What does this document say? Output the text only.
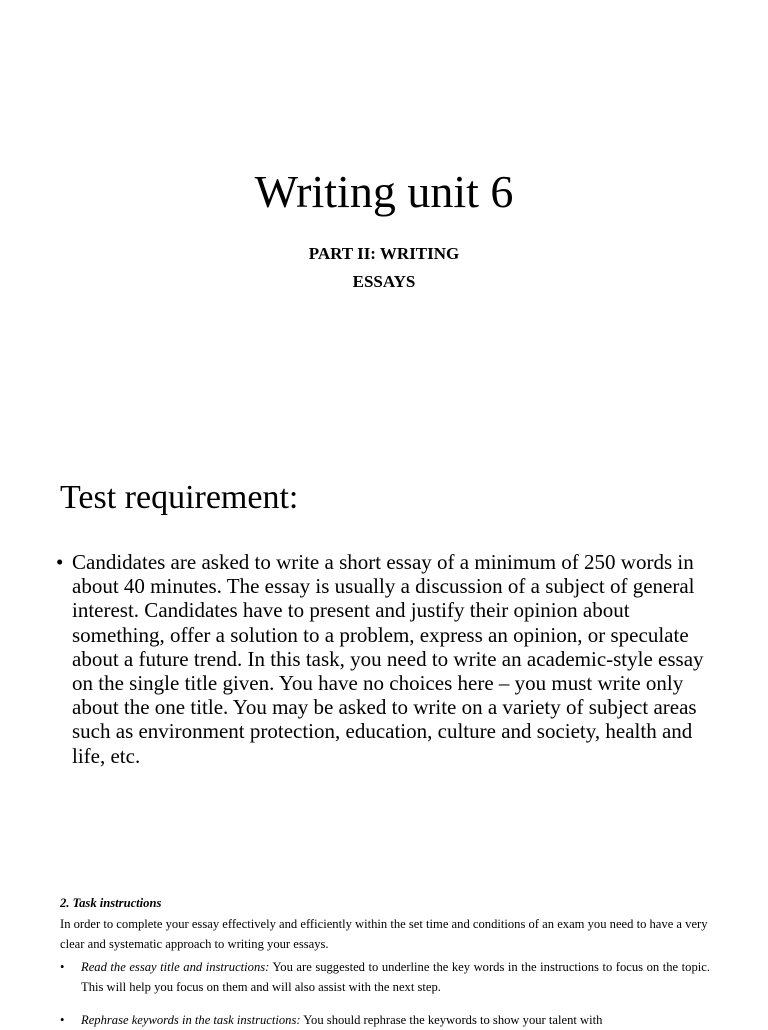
Writing unit 6
PART II: WRITING
ESSAYS
Test requirement:
• Candidates are asked to write a short essay of a minimum of 250 words in about 40 minutes. The essay is usually a discussion of a subject of general interest. Candidates have to present and justify their opinion about something, offer a solution to a problem, express an opinion, or speculate about a future trend. In this task, you need to write an academic-style essay on the single title given. You have no choices here – you must write only about the one title. You may be asked to write on a variety of subject areas such as environment protection, education, culture and society, health and life, etc.
2. Task instructions
In order to complete your essay effectively and efficiently within the set time and conditions of an exam you need to have a very clear and systematic approach to writing your essays.
• Read the essay title and instructions: You are suggested to underline the key words in the instructions to focus on the topic. This will help you focus on them and will also assist with the next step.
• Rephrase keywords in the task instructions: You should rephrase the keywords to show your talent with
